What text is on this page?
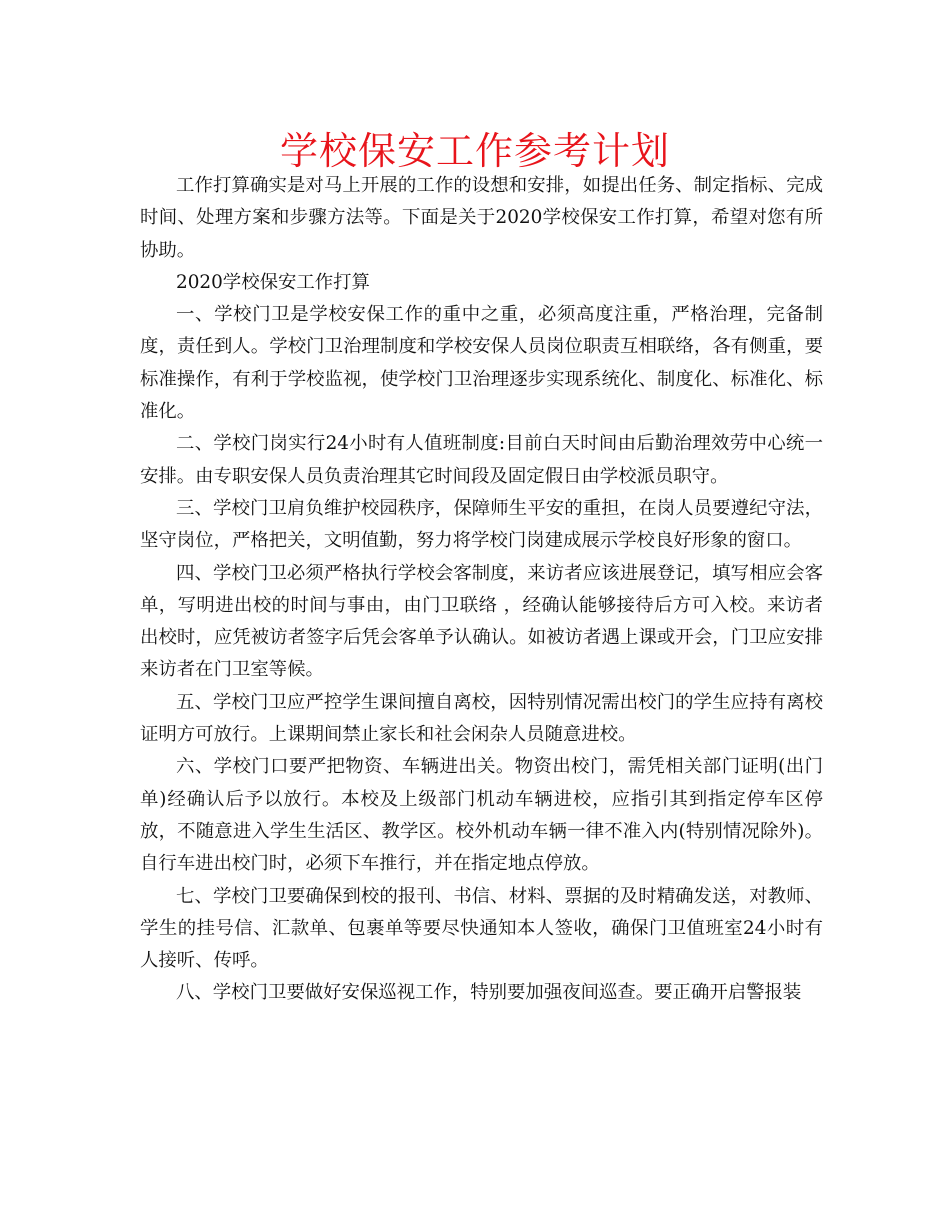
学校保安工作参考计划

工作打算确实是对马上开展的工作的设想和安排，如提出任务、制定指标、完成时间、处理方案和步骤方法等。下面是关于2020学校保安工作打算，希望对您有所协助。

2020学校保安工作打算

一、学校门卫是学校安保工作的重中之重，必须高度注重，严格治理，完备制度，责任到人。学校门卫治理制度和学校安保人员岗位职责互相联络，各有侧重，要标准操作，有利于学校监视，使学校门卫治理逐步实现系统化、制度化、标准化、标准化。

二、学校门岗实行24小时有人值班制度:目前白天时间由后勤治理效劳中心统一安排。由专职安保人员负责治理其它时间段及固定假日由学校派员职守。

三、学校门卫肩负维护校园秩序，保障师生平安的重担，在岗人员要遵纪守法，坚守岗位，严格把关，文明值勤，努力将学校门岗建成展示学校良好形象的窗口。

四、学校门卫必须严格执行学校会客制度，来访者应该进展登记，填写相应会客单，写明进出校的时间与事由，由门卫联络 ，经确认能够接待后方可入校。来访者出校时，应凭被访者签字后凭会客单予认确认。如被访者遇上课或开会，门卫应安排来访者在门卫室等候。

五、学校门卫应严控学生课间擅自离校，因特别情况需出校门的学生应持有离校证明方可放行。上课期间禁止家长和社会闲杂人员随意进校。

六、学校门口要严把物资、车辆进出关。物资出校门，需凭相关部门证明(出门单)经确认后予以放行。本校及上级部门机动车辆进校，应指引其到指定停车区停放，不随意进入学生生活区、教学区。校外机动车辆一律不准入内(特别情况除外)。自行车进出校门时，必须下车推行，并在指定地点停放。

七、学校门卫要确保到校的报刊、书信、材料、票据的及时精确发送，对教师、学生的挂号信、汇款单、包裹单等要尽快通知本人签收，确保门卫值班室24小时有人接听、传呼。

八、学校门卫要做好安保巡视工作，特别要加强夜间巡查。要正确开启警报装
